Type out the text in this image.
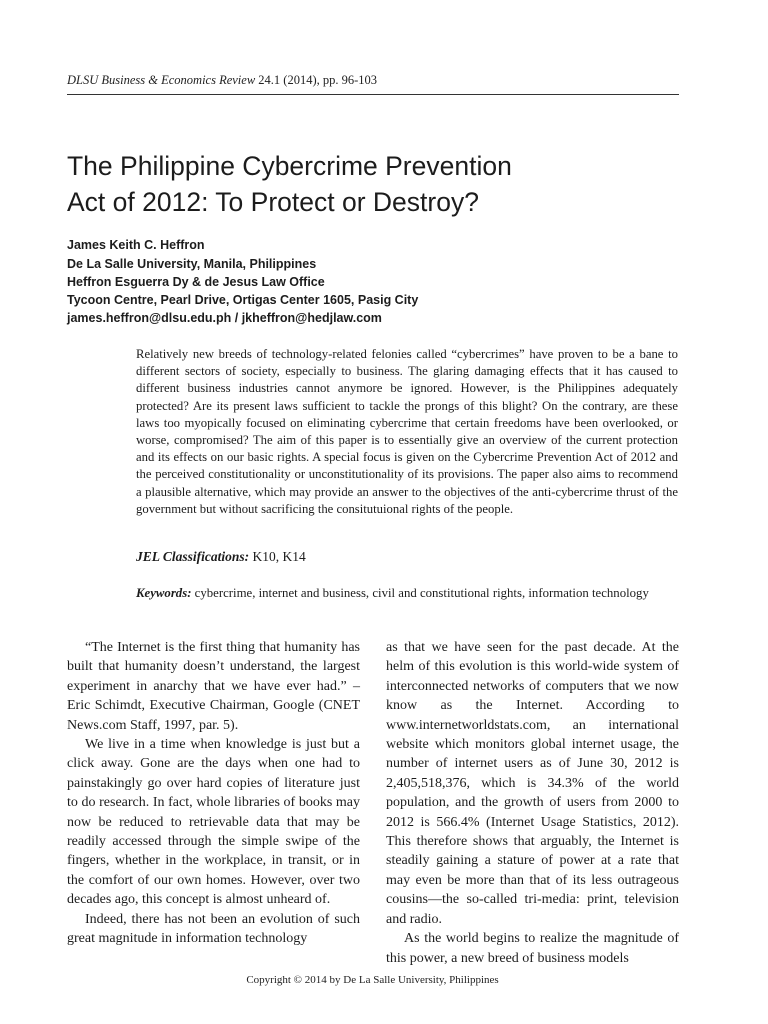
DLSU Business & Economics Review 24.1 (2014), pp. 96-103
The Philippine Cybercrime Prevention
Act of 2012: To Protect or Destroy?
James Keith C. Heffron
De La Salle University, Manila, Philippines
Heffron Esguerra Dy & de Jesus Law Office
Tycoon Centre, Pearl Drive, Ortigas Center 1605, Pasig City
james.heffron@dlsu.edu.ph / jkheffron@hedjlaw.com
Relatively new breeds of technology-related felonies called “cybercrimes” have proven to be a bane to different sectors of society, especially to business. The glaring damaging effects that it has caused to different business industries cannot anymore be ignored. However, is the Philippines adequately protected? Are its present laws sufficient to tackle the prongs of this blight? On the contrary, are these laws too myopically focused on eliminating cybercrime that certain freedoms have been overlooked, or worse, compromised? The aim of this paper is to essentially give an overview of the current protection and its effects on our basic rights. A special focus is given on the Cybercrime Prevention Act of 2012 and the perceived constitutionality or unconstitutionality of its provisions. The paper also aims to recommend a plausible alternative, which may provide an answer to the objectives of the anti-cybercrime thrust of the government but without sacrificing the consitutuional rights of the people.
JEL Classifications: K10, K14
Keywords: cybercrime, internet and business, civil and constitutional rights, information technology

“The Internet is the first thing that humanity has built that humanity doesn’t understand, the largest experiment in anarchy that we have ever had.” – Eric Schimdt, Executive Chairman, Google (CNET News.com Staff, 1997, par. 5).

We live in a time when knowledge is just but a click away. Gone are the days when one had to painstakingly go over hard copies of literature just to do research. In fact, whole libraries of books may now be reduced to retrievable data that may be readily accessed through the simple swipe of the fingers, whether in the workplace, in transit, or in the comfort of our own homes. However, over two decades ago, this concept is almost unheard of.

Indeed, there has not been an evolution of such great magnitude in information technology

as that we have seen for the past decade. At the helm of this evolution is this world-wide system of interconnected networks of computers that we now know as the Internet. According to www.internetworldstats.com, an international website which monitors global internet usage, the number of internet users as of June 30, 2012 is 2,405,518,376, which is 34.3% of the world population, and the growth of users from 2000 to 2012 is 566.4% (Internet Usage Statistics, 2012). This therefore shows that arguably, the Internet is steadily gaining a stature of power at a rate that may even be more than that of its less outrageous cousins—the so-called tri-media: print, television and radio.

As the world begins to realize the magnitude of this power, a new breed of business models

Copyright © 2014 by De La Salle University, Philippines
